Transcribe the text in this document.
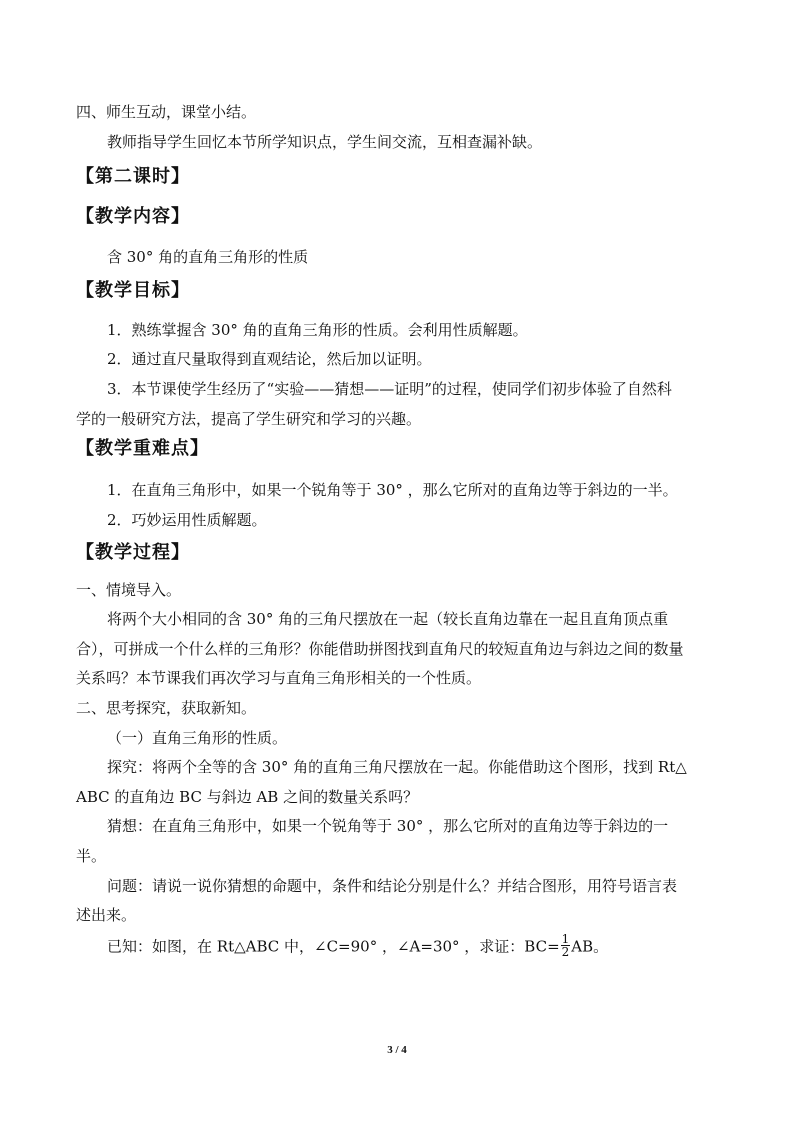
四、师生互动，课堂小结。
教师指导学生回忆本节所学知识点，学生间交流，互相查漏补缺。
【第二课时】
【教学内容】
含 30° 角的直角三角形的性质
【教学目标】
1．熟练掌握含 30° 角的直角三角形的性质。会利用性质解题。
2．通过直尺量取得到直观结论，然后加以证明。
3．本节课使学生经历了“实验——猜想——证明”的过程，使同学们初步体验了自然科
学的一般研究方法，提高了学生研究和学习的兴趣。
【教学重难点】
1．在直角三角形中，如果一个锐角等于 30° ，那么它所对的直角边等于斜边的一半。
2．巧妙运用性质解题。
【教学过程】
一、情境导入。
将两个大小相同的含 30° 角的三角尺摆放在一起（较长直角边靠在一起且直角顶点重
合），可拼成一个什么样的三角形？你能借助拼图找到直角尺的较短直角边与斜边之间的数量
关系吗？本节课我们再次学习与直角三角形相关的一个性质。
二、思考探究，获取新知。
（一）直角三角形的性质。
探究：将两个全等的含 30° 角的直角三角尺摆放在一起。你能借助这个图形，找到 Rt△
ABC 的直角边 BC 与斜边 AB 之间的数量关系吗？
猜想：在直角三角形中，如果一个锐角等于 30° ，那么它所对的直角边等于斜边的一
半。
问题：请说一说你猜想的命题中，条件和结论分别是什么？并结合图形，用符号语言表
述出来。
已知：如图，在 Rt△ABC 中，∠C=90° ，∠A=30° ，求证：$BC= \frac{1}{2}$ AB。
3 / 4
